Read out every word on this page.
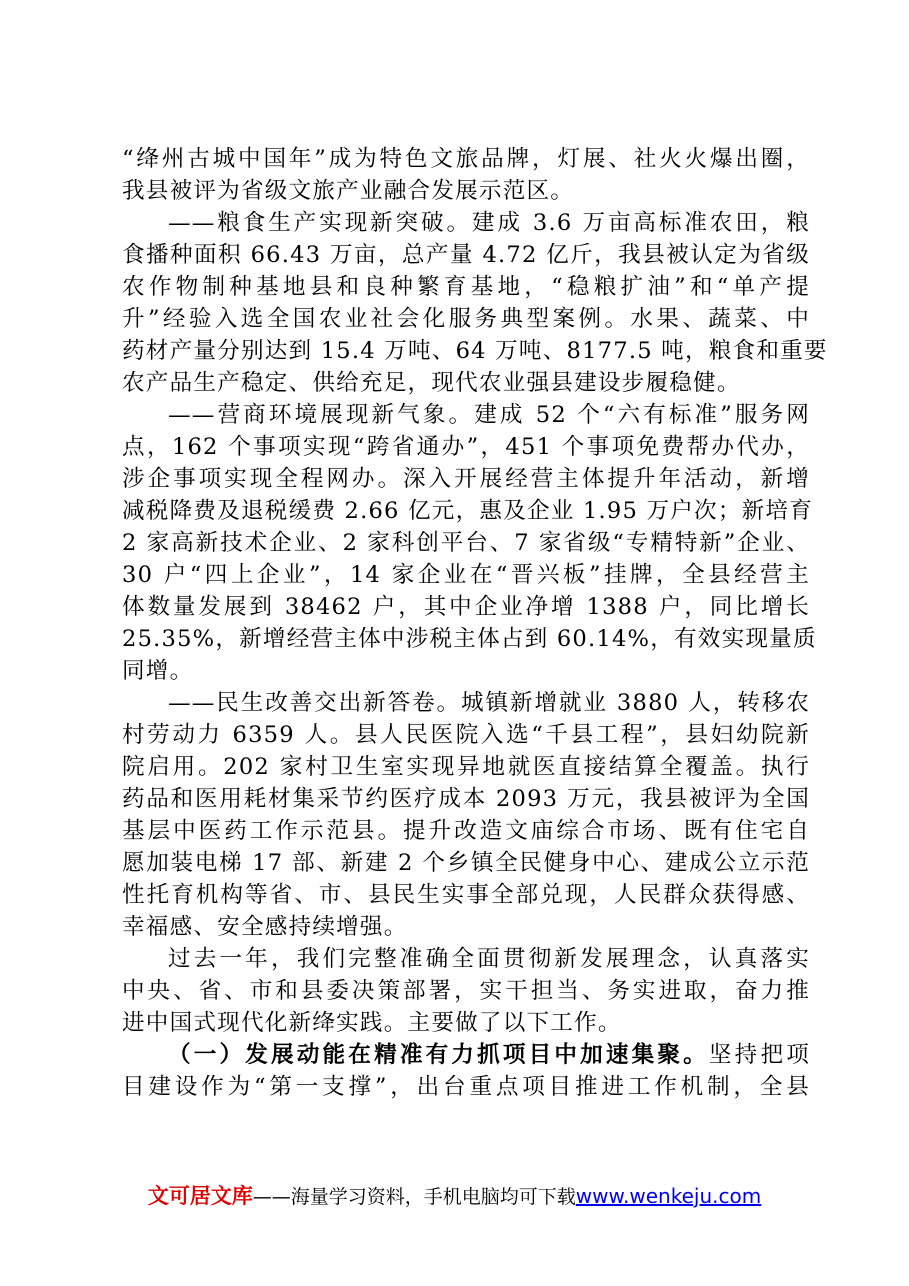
“绛州古城中国年”成为特色文旅品牌，灯展、社火火爆出圈，
我县被评为省级文旅产业融合发展示范区。

——粮食生产实现新突破。建成 3.6 万亩高标准农田，粮
食播种面积 66.43 万亩，总产量 4.72 亿斤，我县被认定为省级
农作物制种基地县和良种繁育基地，“稳粮扩油”和“单产提
升”经验入选全国农业社会化服务典型案例。水果、蔬菜、中
药材产量分别达到 15.4 万吨、64 万吨、8177.5 吨，粮食和重要
农产品生产稳定、供给充足，现代农业强县建设步履稳健。

——营商环境展现新气象。建成 52 个“六有标准”服务网
点，162 个事项实现“跨省通办”，451 个事项免费帮办代办，
涉企事项实现全程网办。深入开展经营主体提升年活动，新增
减税降费及退税缓费 2.66 亿元，惠及企业 1.95 万户次；新培育
2 家高新技术企业、2 家科创平台、7 家省级“专精特新”企业、
30 户“四上企业”，14 家企业在“晋兴板”挂牌，全县经营主
体数量发展到 38462 户，其中企业净增 1388 户，同比增长
25.35%，新增经营主体中涉税主体占到 60.14%，有效实现量质
同增。

——民生改善交出新答卷。城镇新增就业 3880 人，转移农
村劳动力 6359 人。县人民医院入选“千县工程”，县妇幼院新
院启用。202 家村卫生室实现异地就医直接结算全覆盖。执行
药品和医用耗材集采节约医疗成本 2093 万元，我县被评为全国
基层中医药工作示范县。提升改造文庙综合市场、既有住宅自
愿加装电梯 17 部、新建 2 个乡镇全民健身中心、建成公立示范
性托育机构等省、市、县民生实事全部兑现，人民群众获得感、
幸福感、安全感持续增强。

过去一年，我们完整准确全面贯彻新发展理念，认真落实
中央、省、市和县委决策部署，实干担当、务实进取，奋力推
进中国式现代化新绛实践。主要做了以下工作。

（一）发展动能在精准有力抓项目中加速集聚。坚持把项
目建设作为“第一支撑”，出台重点项目推进工作机制，全县

文可居文库——海量学习资料，手机电脑均可下载www.wenkeju.com
